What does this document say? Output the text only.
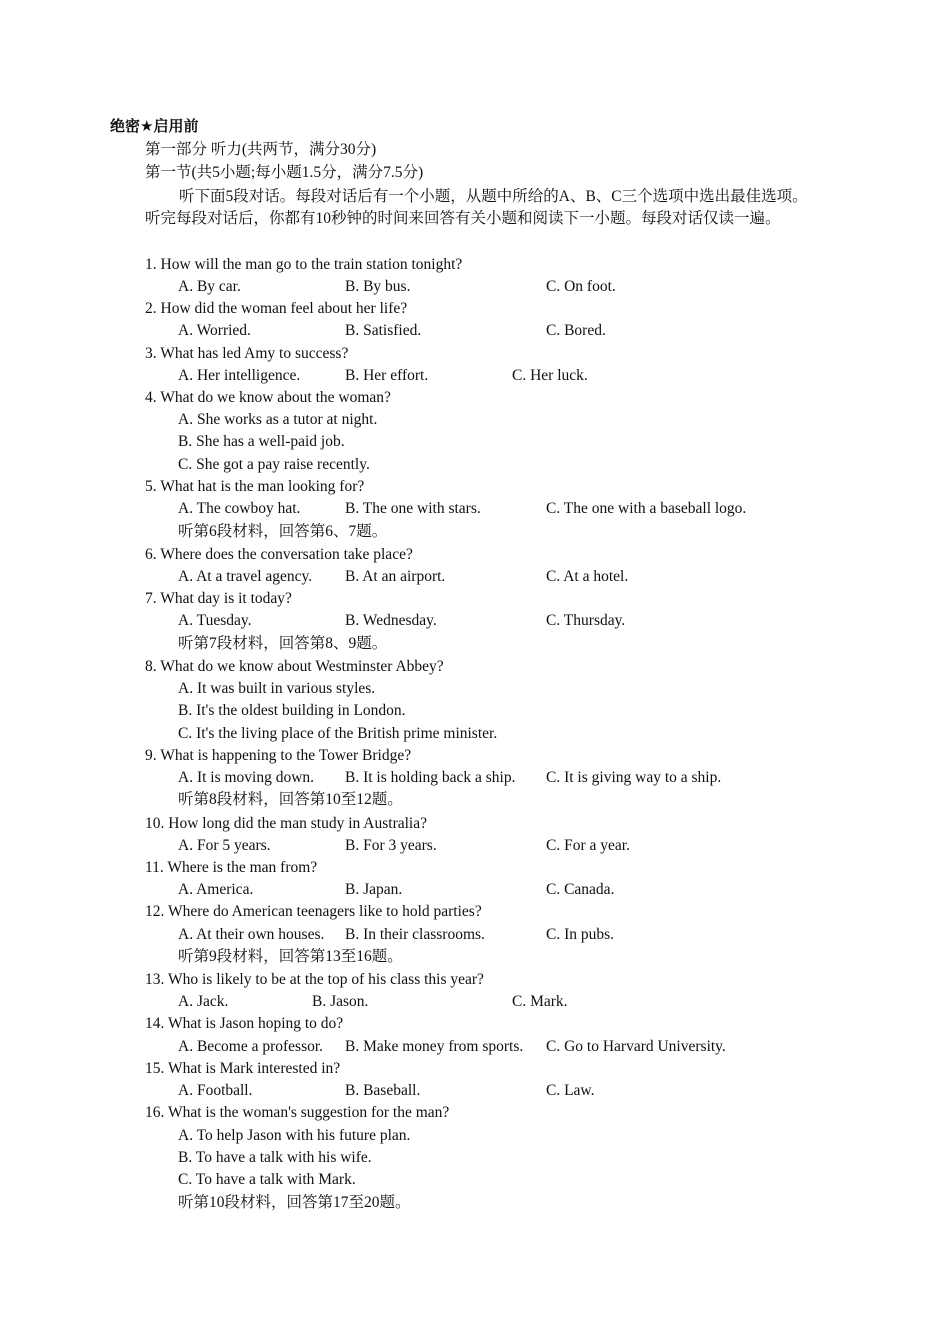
绝密★启用前
第一部分 听力(共两节，满分30分)
第一节(共5小题;每小题1.5分，满分7.5分)
听下面5段对话。每段对话后有一个小题，从题中所给的A、B、C三个选项中选出最佳选项。听完每段对话后，你都有10秒钟的时间来回答有关小题和阅读下一小题。每段对话仅读一遍。
1. How will the man go to the train station tonight?
A. By car.	B. By bus.	C. On foot.
2. How did the woman feel about her life?
A. Worried.	B. Satisfied.	C. Bored.
3. What has led Amy to success?
A. Her intelligence.	B. Her effort.	C. Her luck.
4. What do we know about the woman?
A. She works as a tutor at night.
B. She has a well-paid job.
C. She got a pay raise recently.
5. What hat is the man looking for?
A. The cowboy hat.	B. The one with stars.	C. The one with a baseball logo.
听第6段材料，回答第6、7题。
6. Where does the conversation take place?
A. At a travel agency. B. At an airport.	C. At a hotel.
7. What day is it today?
A. Tuesday.	B. Wednesday.	C. Thursday.
听第7段材料，回答第8、9题。
8. What do we know about Westminster Abbey?
A. It was built in various styles.
B. It's the oldest building in London.
C. It's the living place of the British prime minister.
9. What is happening to the Tower Bridge?
A. It is moving down. B. It is holding back a ship. C. It is giving way to a ship.
听第8段材料，回答第10至12题。
10. How long did the man study in Australia?
A. For 5 years.	B. For 3 years.	C. For a year.
11. Where is the man from?
A. America.	B. Japan.	C. Canada.
12. Where do American teenagers like to hold parties?
A. At their own houses. B. In their classrooms.	C. In pubs.
听第9段材料，回答第13至16题。
13. Who is likely to be at the top of his class this year?
A. Jack.	B. Jason.	C. Mark.
14. What is Jason hoping to do?
A. Become a professor. B. Make money from sports. C. Go to Harvard University.
15. What is Mark interested in?
A. Football.	B. Baseball.	C. Law.
16. What is the woman's suggestion for the man?
A. To help Jason with his future plan.
B. To have a talk with his wife.
C. To have a talk with Mark.
听第10段材料，回答第17至20题。
